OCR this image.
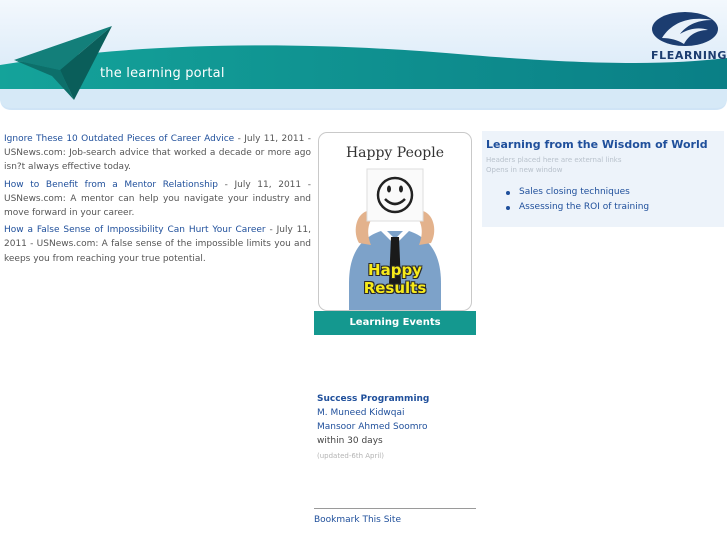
the learning portal
FLEARNING

Ignore These 10 Outdated Pieces of Career Advice - July 11, 2011 - USNews.com: Job-search advice that worked a decade or more ago isn?t always effective today.

How to Benefit from a Mentor Relationship - July 11, 2011 - USNews.com: A mentor can help you navigate your industry and move forward in your career.

How a False Sense of Impossibility Can Hurt Your Career - July 11, 2011 - USNews.com: A false sense of the impossible limits you and keeps you from reaching your true potential.

Happy People
Happy Results
Learning Events
Success Programming
M. Muneed Kidwqai
Mansoor Ahmed Soomro
within 30 days
(updated-6th April)
Bookmark This Site
Learning from the Wisdom of World
Headers placed here are external links
Opens in new window
Sales closing techniques
Assessing the ROI of training
